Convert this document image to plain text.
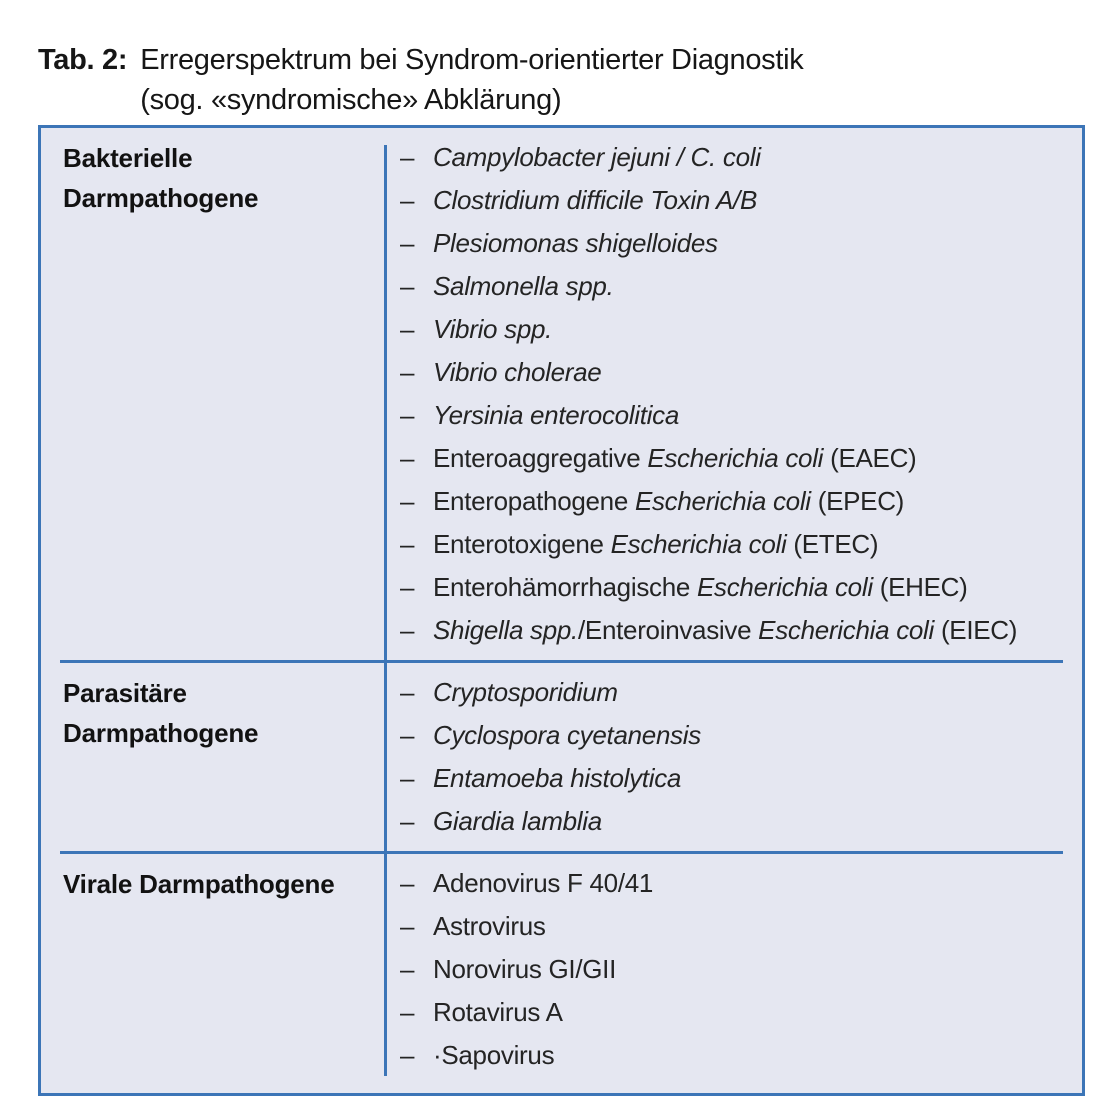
Tab. 2: Erregerspektrum bei Syndrom-orientierter Diagnostik
(sog. «syndromische» Abklärung)
Bakterielle Darmpathogene
– Campylobacter jejuni / C. coli
– Clostridium difficile Toxin A/B
– Plesiomonas shigelloides
– Salmonella spp.
– Vibrio spp.
– Vibrio cholerae
– Yersinia enterocolitica
– Enteroaggregative Escherichia coli (EAEC)
– Enteropathogene Escherichia coli (EPEC)
– Enterotoxigene Escherichia coli (ETEC)
– Enterohämorrhagische Escherichia coli (EHEC)
– Shigella spp./Enteroinvasive Escherichia coli (EIEC)
Parasitäre Darmpathogene
– Cryptosporidium
– Cyclospora cyetanensis
– Entamoeba histolytica
– Giardia lamblia
Virale Darmpathogene	– Adenovirus F 40/41
– Astrovirus
– Norovirus GI/GII
– Rotavirus A
– ·Sapovirus
